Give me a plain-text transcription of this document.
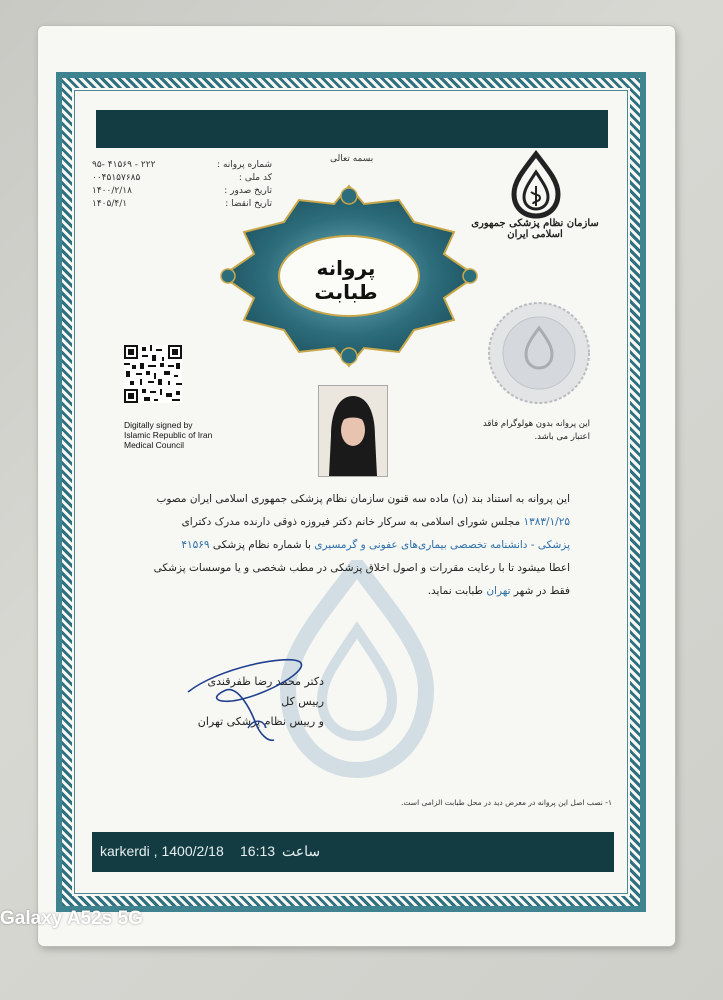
بسمه تعالی
۹۵- ۴۱۵۶۹ - ۲۲۲	شماره پروانه :
۰۰۴۵۱۵۷۶۸۵	کد ملی :
۱۴۰۰/۲/۱۸	تاریخ صدور :
۱۴۰۵/۴/۱	تاریخ انقضا :
سازمان نظام پزشکی جمهوری اسلامی ایران
پروانه طبابت
این پروانه بدون هولوگرام فاقد اعتبار می باشد.
Digitally signed by
Islamic Republic of Iran
Medical Council
این پروانه به استناد بند (ن) ماده سه قنون سازمان نظام پزشکی جمهوری اسلامی ایران مصوب
۱۳۸۳/۱/۲۵ مجلس شورای اسلامی به سرکار خانم دکتر فیروزه ذوقی دارنده مدرک دکترای
پزشکی - دانشنامه تخصصی بیماری‌های عفونی و گرمسیری با شماره نظام پزشکی ۴۱۵۶۹
اعطا میشود تا با رعایت مقررات و اصول اخلاق پزشکی در مطب شخصی و یا موسسات پزشکی
فقط در شهر تهران طبابت نماید.
دکتر محمد رضا ظفرقندی
رییس کل
و رییس نظام پزشکی تهران
۱- نصب اصل این پروانه در معرض دید در محل طبابت الزامی است.
karkerdi , 1400/2/18 16:13 ساعت
Galaxy A52s 5G
